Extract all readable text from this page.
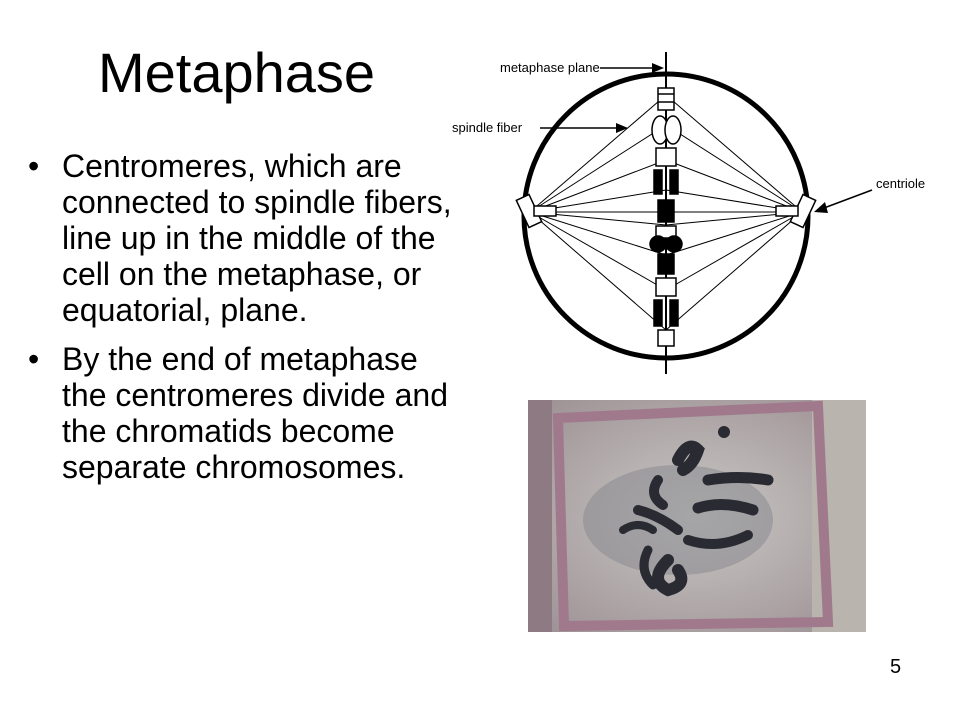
Metaphase
• Centromeres, which are connected to spindle fibers, line up in the middle of the cell on the metaphase, or equatorial, plane.
• By the end of metaphase the centromeres divide and the chromatids become separate chromosomes.
metaphase plane
spindle fiber
centriole
5
